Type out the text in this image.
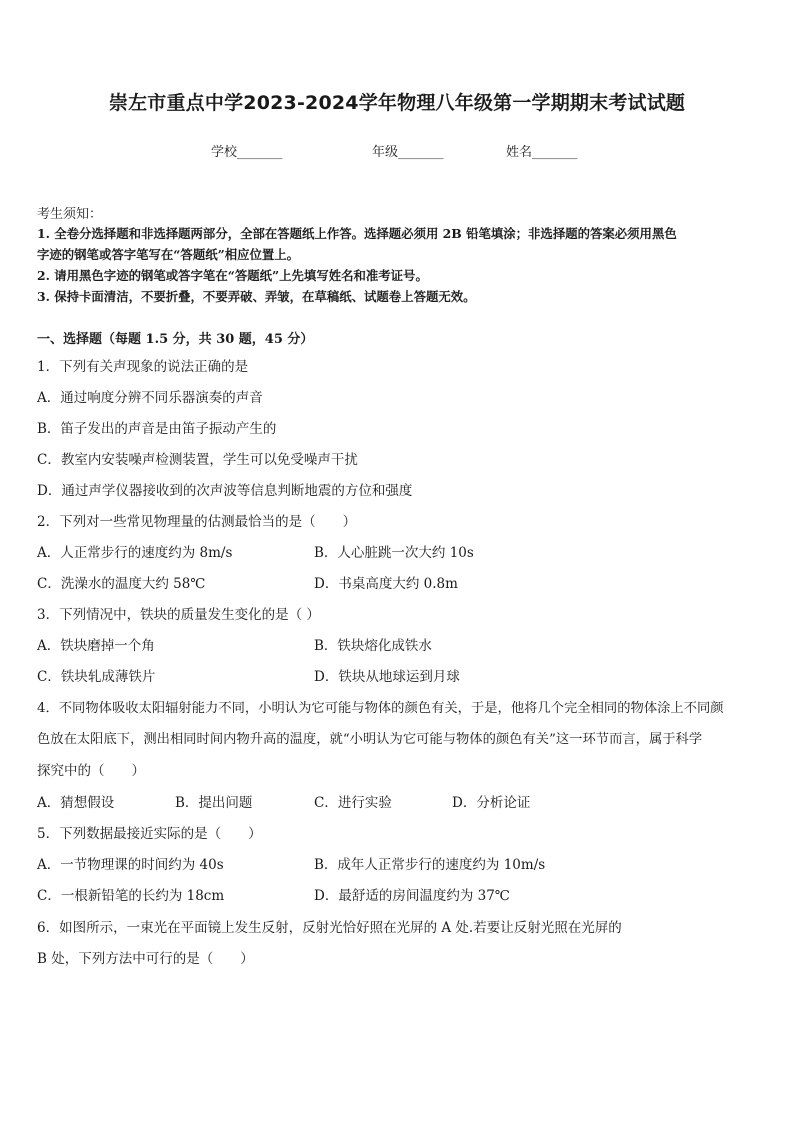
崇左市重点中学2023-2024学年物理八年级第一学期期末考试试题
学校_______	年级_______	姓名_______
考生须知：
1. 全卷分选择题和非选择题两部分，全部在答题纸上作答。选择题必须用 2B 铅笔填涂；非选择题的答案必须用黑色
字迹的钢笔或答字笔写在“答题纸”相应位置上。
2. 请用黑色字迹的钢笔或答字笔在“答题纸”上先填写姓名和准考证号。
3. 保持卡面清洁，不要折叠，不要弄破、弄皱，在草稿纸、试题卷上答题无效。
一、选择题（每题 1.5 分，共 30 题，45 分）
1．下列有关声现象的说法正确的是
A．通过响度分辨不同乐器演奏的声音
B．笛子发出的声音是由笛子振动产生的
C．教室内安装噪声检测装置，学生可以免受噪声干扰
D．通过声学仪器接收到的次声波等信息判断地震的方位和强度
2．下列对一些常见物理量的估测最恰当的是（　　）
A．人正常步行的速度约为 8m/s	B．人心脏跳一次大约 10s
C．洗澡水的温度大约 58℃	D．书桌高度大约 0.8m
3．下列情况中，铁块的质量发生变化的是（ ）
A．铁块磨掉一个角	B．铁块熔化成铁水
C．铁块轧成薄铁片	D．铁块从地球运到月球
4．不同物体吸收太阳辐射能力不同，小明认为它可能与物体的颜色有关，于是，他将几个完全相同的物体涂上不同颜
色放在太阳底下，测出相同时间内物升高的温度，就“小明认为它可能与物体的颜色有关”这一环节而言，属于科学
探究中的（　　）
A．猜想假设	B．提出问题	C．进行实验	D．分析论证
5．下列数据最接近实际的是（　　）
A．一节物理课的时间约为 40s	B．成年人正常步行的速度约为 10m/s
C．一根新铅笔的长约为 18cm	D．最舒适的房间温度约为 37℃
6．如图所示，一束光在平面镜上发生反射，反射光恰好照在光屏的 A 处.若要让反射光照在光屏的
B 处，下列方法中可行的是（　　）
